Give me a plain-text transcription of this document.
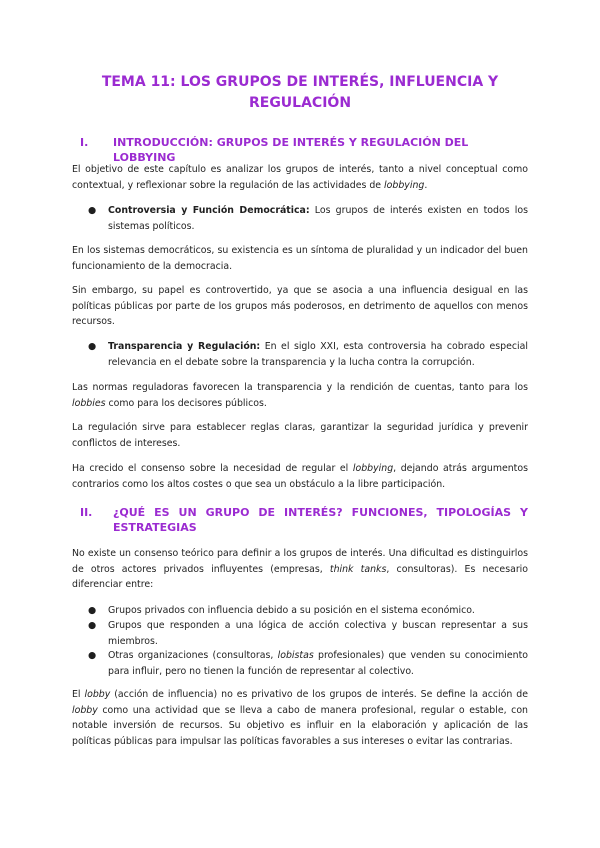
TEMA 11: LOS GRUPOS DE INTERÉS, INFLUENCIA Y REGULACIÓN
I. INTRODUCCIÓN: GRUPOS DE INTERÉS Y REGULACIÓN DEL LOBBYING

El objetivo de este capítulo es analizar los grupos de interés, tanto a nivel conceptual como contextual, y reflexionar sobre la regulación de las actividades de lobbying.

● Controversia y Función Democrática: Los grupos de interés existen en todos los sistemas políticos.

En los sistemas democráticos, su existencia es un síntoma de pluralidad y un indicador del buen funcionamiento de la democracia.

Sin embargo, su papel es controvertido, ya que se asocia a una influencia desigual en las políticas públicas por parte de los grupos más poderosos, en detrimento de aquellos con menos recursos.

● Transparencia y Regulación: En el siglo XXI, esta controversia ha cobrado especial relevancia en el debate sobre la transparencia y la lucha contra la corrupción.

Las normas reguladoras favorecen la transparencia y la rendición de cuentas, tanto para los lobbies como para los decisores públicos.

La regulación sirve para establecer reglas claras, garantizar la seguridad jurídica y prevenir conflictos de intereses.

Ha crecido el consenso sobre la necesidad de regular el lobbying, dejando atrás argumentos contrarios como los altos costes o que sea un obstáculo a la libre participación.

II. ¿QUÉ ES UN GRUPO DE INTERÉS? FUNCIONES, TIPOLOGÍAS Y ESTRATEGIAS

No existe un consenso teórico para definir a los grupos de interés. Una dificultad es distinguirlos de otros actores privados influyentes (empresas, think tanks, consultoras). Es necesario diferenciar entre:

● Grupos privados con influencia debido a su posición en el sistema económico.
● Grupos que responden a una lógica de acción colectiva y buscan representar a sus miembros.
● Otras organizaciones (consultoras, lobistas profesionales) que venden su conocimiento para influir, pero no tienen la función de representar al colectivo.

El lobby (acción de influencia) no es privativo de los grupos de interés. Se define la acción de lobby como una actividad que se lleva a cabo de manera profesional, regular o estable, con notable inversión de recursos. Su objetivo es influir en la elaboración y aplicación de las políticas públicas para impulsar las políticas favorables a sus intereses o evitar las contrarias.
